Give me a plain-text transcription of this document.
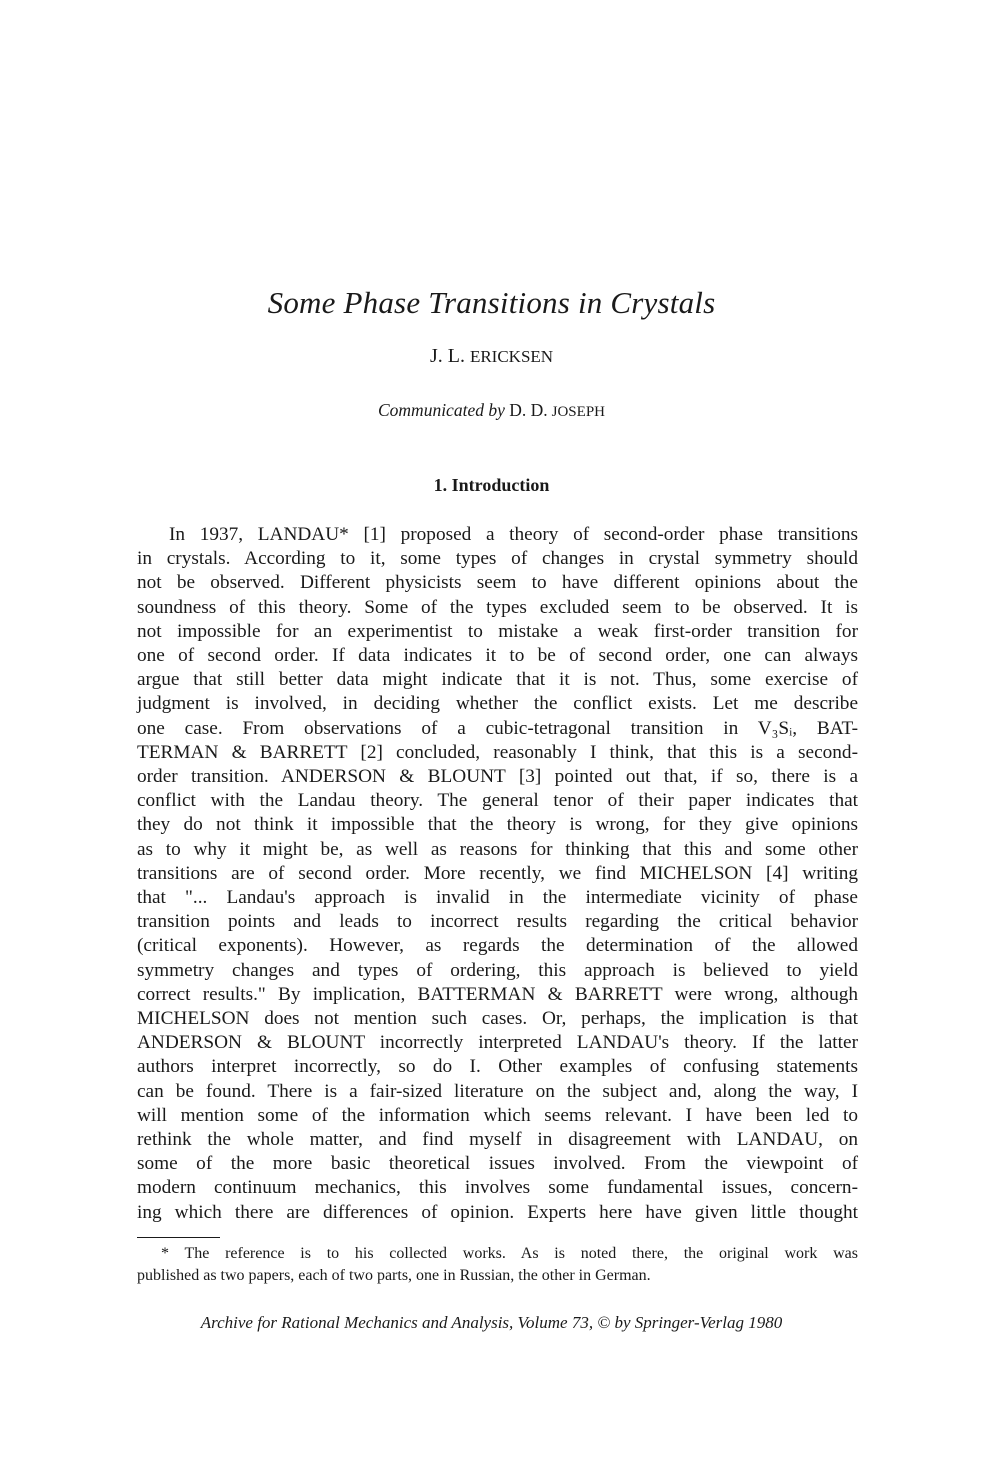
Some Phase Transitions in Crystals
J. L. ERICKSEN
Communicated by D. D. JOSEPH
1. Introduction
In 1937, LANDAU* [1] proposed a theory of second-order phase transitions
in crystals. According to it, some types of changes in crystal symmetry should
not be observed. Different physicists seem to have different opinions about the
soundness of this theory. Some of the types excluded seem to be observed. It is
not impossible for an experimentist to mistake a weak first-order transition for
one of second order. If data indicates it to be of second order, one can always
argue that still better data might indicate that it is not. Thus, some exercise of
judgment is involved, in deciding whether the conflict exists. Let me describe
one case. From observations of a cubic-tetragonal transition in V₃Sᵢ, BAT-
TERMAN & BARRETT [2] concluded, reasonably I think, that this is a second-
order transition. ANDERSON & BLOUNT [3] pointed out that, if so, there is a
conflict with the Landau theory. The general tenor of their paper indicates that
they do not think it impossible that the theory is wrong, for they give opinions
as to why it might be, as well as reasons for thinking that this and some other
transitions are of second order. More recently, we find MICHELSON [4] writing
that "... Landau's approach is invalid in the intermediate vicinity of phase
transition points and leads to incorrect results regarding the critical behavior
(critical exponents). However, as regards the determination of the allowed
symmetry changes and types of ordering, this approach is believed to yield
correct results." By implication, BATTERMAN & BARRETT were wrong, although
MICHELSON does not mention such cases. Or, perhaps, the implication is that
ANDERSON & BLOUNT incorrectly interpreted LANDAU's theory. If the latter
authors interpret incorrectly, so do I. Other examples of confusing statements
can be found. There is a fair-sized literature on the subject and, along the way, I
will mention some of the information which seems relevant. I have been led to
rethink the whole matter, and find myself in disagreement with LANDAU, on
some of the more basic theoretical issues involved. From the viewpoint of
modern continuum mechanics, this involves some fundamental issues, concern-
ing which there are differences of opinion. Experts here have given little thought
* The reference is to his collected works. As is noted there, the original work was
published as two papers, each of two parts, one in Russian, the other in German.
Archive for Rational Mechanics and Analysis, Volume 73, © by Springer-Verlag 1980
